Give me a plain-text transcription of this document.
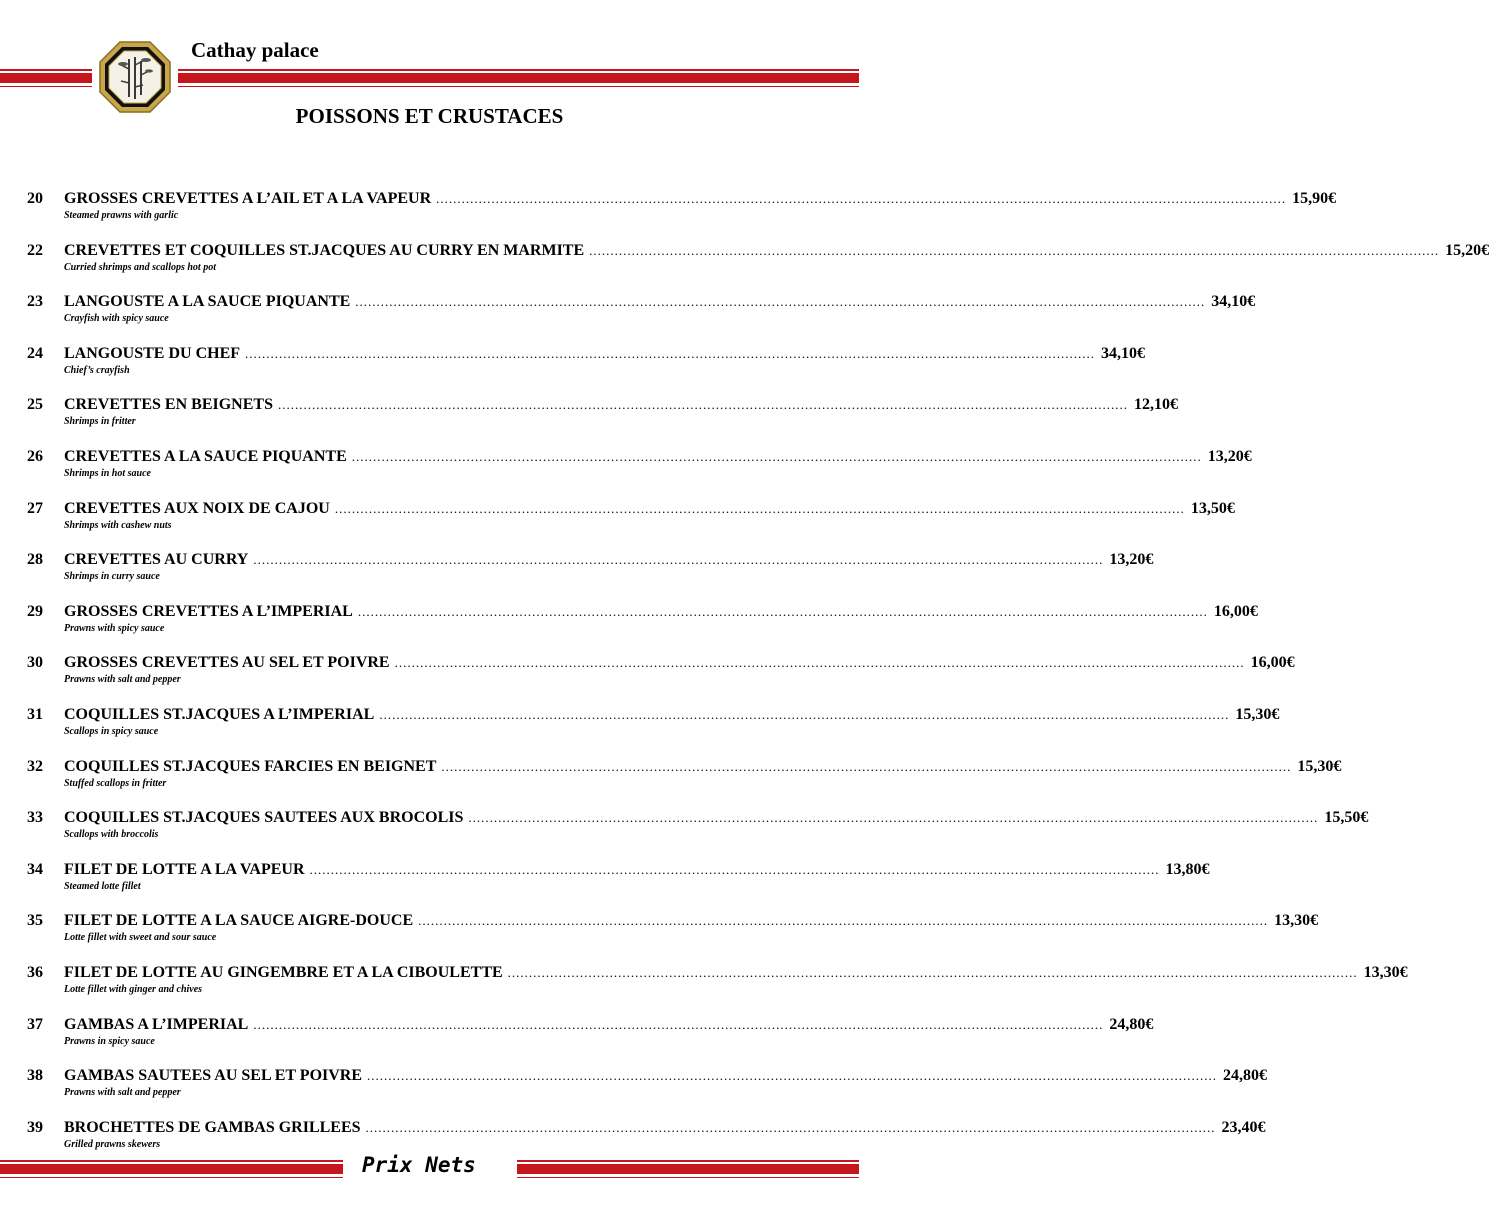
Cathay palace
POISSONS ET CRUSTACES
20	GROSSES CREVETTES A L’AIL ET A LA VAPEUR ........................................................................................................................................................................................................ 15,90€
Steamed prawns with garlic
22	CREVETTES ET COQUILLES ST.JACQUES AU CURRY EN MARMITE ........................................................................................................................................................................................................ 15,20€
Curried shrimps and scallops hot pot
23	LANGOUSTE A LA SAUCE PIQUANTE ........................................................................................................................................................................................................ 34,10€
Crayfish with spicy sauce
24	LANGOUSTE DU CHEF ........................................................................................................................................................................................................ 34,10€
Chief’s crayfish
25	CREVETTES EN BEIGNETS ........................................................................................................................................................................................................ 12,10€
Shrimps in fritter
26	CREVETTES A LA SAUCE PIQUANTE ........................................................................................................................................................................................................ 13,20€
Shrimps in hot sauce
27	CREVETTES AUX NOIX DE CAJOU ........................................................................................................................................................................................................ 13,50€
Shrimps with cashew nuts
28	CREVETTES AU CURRY ........................................................................................................................................................................................................ 13,20€
Shrimps in curry sauce
29	GROSSES CREVETTES A L’IMPERIAL ........................................................................................................................................................................................................ 16,00€
Prawns with spicy sauce
30	GROSSES CREVETTES AU SEL ET POIVRE ........................................................................................................................................................................................................ 16,00€
Prawns with salt and pepper
31	COQUILLES ST.JACQUES A L’IMPERIAL ........................................................................................................................................................................................................ 15,30€
Scallops in spicy sauce
32	COQUILLES ST.JACQUES FARCIES EN BEIGNET ........................................................................................................................................................................................................ 15,30€
Stuffed scallops in fritter
33	COQUILLES ST.JACQUES SAUTEES AUX BROCOLIS ........................................................................................................................................................................................................ 15,50€
Scallops with broccolis
34	FILET DE LOTTE A LA VAPEUR ........................................................................................................................................................................................................ 13,80€
Steamed lotte fillet
35	FILET DE LOTTE A LA SAUCE AIGRE-DOUCE ........................................................................................................................................................................................................ 13,30€
Lotte fillet with sweet and sour sauce
36	FILET DE LOTTE AU GINGEMBRE ET A LA CIBOULETTE ........................................................................................................................................................................................................ 13,30€
Lotte fillet with ginger and chives
37	GAMBAS A L’IMPERIAL ........................................................................................................................................................................................................ 24,80€
Prawns in spicy sauce
38	GAMBAS SAUTEES AU SEL ET POIVRE ........................................................................................................................................................................................................ 24,80€
Prawns with salt and pepper
39	BROCHETTES DE GAMBAS GRILLEES ........................................................................................................................................................................................................ 23,40€
Grilled prawns skewers
Prix Nets
